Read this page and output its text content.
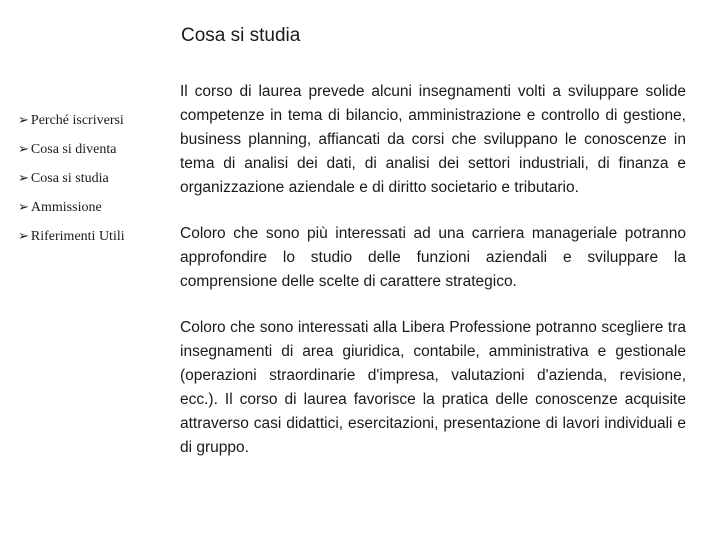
Cosa si studia
➢ Perché iscriversi
➢ Cosa si diventa
➢ Cosa si studia
➢ Ammissione
➢ Riferimenti Utili

Il corso di laurea prevede alcuni insegnamenti volti a sviluppare solide competenze in tema di bilancio, amministrazione e controllo di gestione, business planning, affiancati da corsi che sviluppano le conoscenze in tema di analisi dei dati, di analisi dei settori industriali, di finanza e organizzazione aziendale e di diritto societario e tributario.

Coloro che sono più interessati ad una carriera manageriale potranno approfondire lo studio delle funzioni aziendali e sviluppare la comprensione delle scelte di carattere strategico.

Coloro che sono interessati alla Libera Professione potranno scegliere tra insegnamenti di area giuridica, contabile, amministrativa e gestionale (operazioni straordinarie d'impresa, valutazioni d'azienda, revisione, ecc.). Il corso di laurea favorisce la pratica delle conoscenze acquisite attraverso casi didattici, esercitazioni, presentazione di lavori individuali e di gruppo.
